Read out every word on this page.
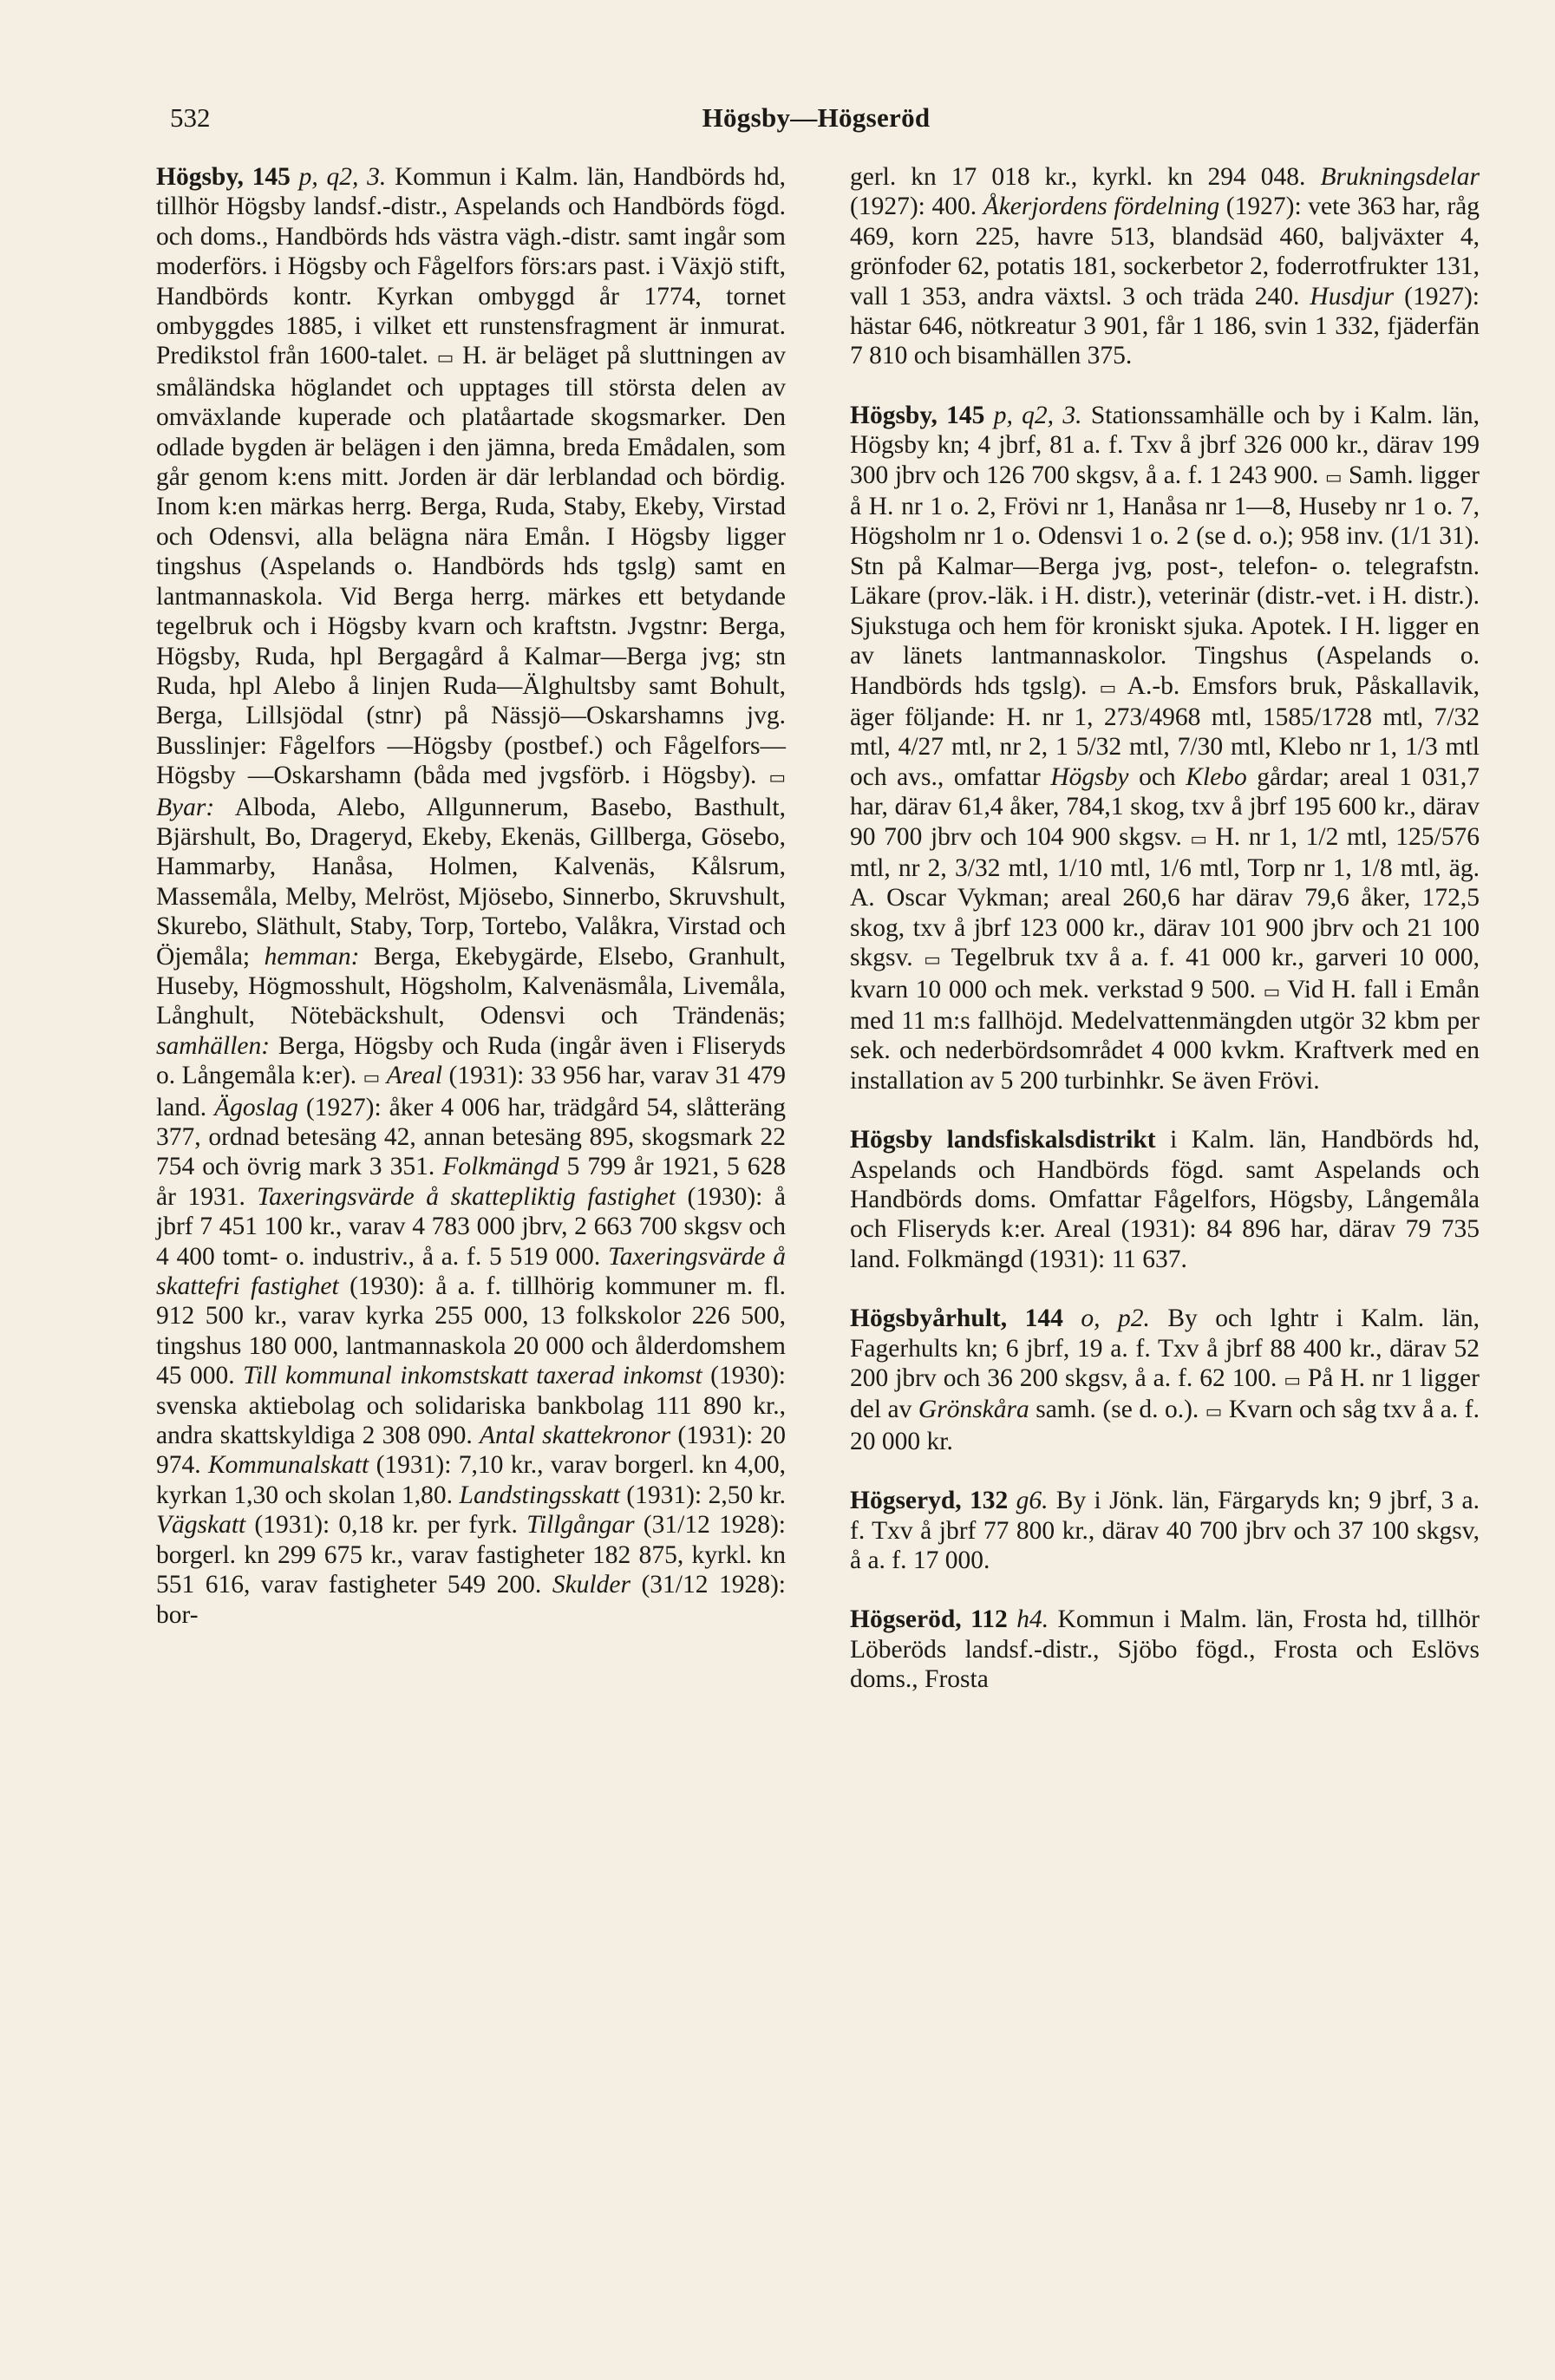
532	Högsby—Högseröd

Högsby, 145 p, q2, 3. Kommun i Kalm. län, Handbörds hd, tillhör Högsby landsf.-distr., Aspelands och Handbörds fögd. och doms., Handbörds hds västra vägh.-distr. samt ingår som moderförs. i Högsby och Fågelfors förs:ars past. i Växjö stift, Handbörds kontr. Kyrkan ombyggd år 1774, tornet ombyggdes 1885, i vilket ett runstensfragment är inmurat. Predikstol från 1600-talet. ▭ H. är beläget på sluttningen av småländska höglandet och upptages till största delen av omväxlande kuperade och platåartade skogsmarker. Den odlade bygden är belägen i den jämna, breda Emådalen, som går genom k:ens mitt. Jorden är där lerblandad och bördig. Inom k:en märkas herrg. Berga, Ruda, Staby, Ekeby, Virstad och Odensvi, alla belägna nära Emån. I Högsby ligger tingshus (Aspelands o. Handbörds hds tgslg) samt en lantmannaskola. Vid Berga herrg. märkes ett betydande tegelbruk och i Högsby kvarn och kraftstn. Jvgstnr: Berga, Högsby, Ruda, hpl Bergagård å Kalmar—Berga jvg; stn Ruda, hpl Alebo å linjen Ruda—Älghultsby samt Bohult, Berga, Lillsjödal (stnr) på Nässjö—Oskarshamns jvg. Busslinjer: Fågelfors —Högsby (postbef.) och Fågelfors—Högsby —Oskarshamn (båda med jvgsförb. i Högsby). ▭ Byar: Alboda, Alebo, Allgunnerum, Basebo, Basthult, Bjärshult, Bo, Drageryd, Ekeby, Ekenäs, Gillberga, Gösebo, Hammarby, Hanåsa, Holmen, Kalvenäs, Kålsrum, Massemåla, Melby, Melröst, Mjösebo, Sinnerbo, Skruvshult, Skurebo, Släthult, Staby, Torp, Tortebo, Valåkra, Virstad och Öjemåla; hemman: Berga, Ekebygärde, Elsebo, Granhult, Huseby, Högmosshult, Högsholm, Kalvenäsmåla, Livemåla, Långhult, Nötebäckshult, Odensvi och Trändenäs; samhällen: Berga, Högsby och Ruda (ingår även i Fliseryds o. Långemåla k:er). ▭ Areal (1931): 33 956 har, varav 31 479 land. Ägoslag (1927): åker 4 006 har, trädgård 54, slåtteräng 377, ordnad betesäng 42, annan betesäng 895, skogsmark 22 754 och övrig mark 3 351. Folkmängd 5 799 år 1921, 5 628 år 1931. Taxeringsvärde å skattepliktig fastighet (1930): å jbrf 7 451 100 kr., varav 4 783 000 jbrv, 2 663 700 skgsv och 4 400 tomt- o. industriv., å a. f. 5 519 000. Taxeringsvärde å skattefri fastighet (1930): å a. f. tillhörig kommuner m. fl. 912 500 kr., varav kyrka 255 000, 13 folkskolor 226 500, tingshus 180 000, lantmannaskola 20 000 och ålderdomshem 45 000. Till kommunal inkomstskatt taxerad inkomst (1930): svenska aktiebolag och solidariska bankbolag 111 890 kr., andra skattskyldiga 2 308 090. Antal skattekronor (1931): 20 974. Kommunalskatt (1931): 7,10 kr., varav borgerl. kn 4,00, kyrkan 1,30 och skolan 1,80. Landstingsskatt (1931): 2,50 kr. Vägskatt (1931): 0,18 kr. per fyrk. Tillgångar (31/12 1928): borgerl. kn 299 675 kr., varav fastigheter 182 875, kyrkl. kn 551 616, varav fastigheter 549 200. Skulder (31/12 1928): bor-

gerl. kn 17 018 kr., kyrkl. kn 294 048. Brukningsdelar (1927): 400. Åkerjordens fördelning (1927): vete 363 har, råg 469, korn 225, havre 513, blandsäd 460, baljväxter 4, grönfoder 62, potatis 181, sockerbetor 2, foderrotfrukter 131, vall 1 353, andra växtsl. 3 och träda 240. Husdjur (1927): hästar 646, nötkreatur 3 901, får 1 186, svin 1 332, fjäderfän 7 810 och bisamhällen 375.

Högsby, 145 p, q2, 3. Stationssamhälle och by i Kalm. län, Högsby kn; 4 jbrf, 81 a. f. Txv å jbrf 326 000 kr., därav 199 300 jbrv och 126 700 skgsv, å a. f. 1 243 900. ▭ Samh. ligger å H. nr 1 o. 2, Frövi nr 1, Hanåsa nr 1—8, Huseby nr 1 o. 7, Högsholm nr 1 o. Odensvi 1 o. 2 (se d. o.); 958 inv. (1/1 31). Stn på Kalmar—Berga jvg, post-, telefon- o. telegrafstn. Läkare (prov.-läk. i H. distr.), veterinär (distr.-vet. i H. distr.). Sjukstuga och hem för kroniskt sjuka. Apotek. I H. ligger en av länets lantmannaskolor. Tingshus (Aspelands o. Handbörds hds tgslg). ▭ A.-b. Emsfors bruk, Påskallavik, äger följande: H. nr 1, 273/4968 mtl, 1585/1728 mtl, 7/32 mtl, 4/27 mtl, nr 2, 1 5/32 mtl, 7/30 mtl, Klebo nr 1, 1/3 mtl och avs., omfattar Högsby och Klebo gårdar; areal 1 031,7 har, därav 61,4 åker, 784,1 skog, txv å jbrf 195 600 kr., därav 90 700 jbrv och 104 900 skgsv. ▭ H. nr 1, 1/2 mtl, 125/576 mtl, nr 2, 3/32 mtl, 1/10 mtl, 1/6 mtl, Torp nr 1, 1/8 mtl, äg. A. Oscar Vykman; areal 260,6 har därav 79,6 åker, 172,5 skog, txv å jbrf 123 000 kr., därav 101 900 jbrv och 21 100 skgsv. ▭ Tegelbruk txv å a. f. 41 000 kr., garveri 10 000, kvarn 10 000 och mek. verkstad 9 500. ▭ Vid H. fall i Emån med 11 m:s fallhöjd. Medelvattenmängden utgör 32 kbm per sek. och nederbördsområdet 4 000 kvkm. Kraftverk med en installation av 5 200 turbinhkr. Se även Frövi.

Högsby landsfiskalsdistrikt i Kalm. län, Handbörds hd, Aspelands och Handbörds fögd. samt Aspelands och Handbörds doms. Omfattar Fågelfors, Högsby, Långemåla och Fliseryds k:er. Areal (1931): 84 896 har, därav 79 735 land. Folkmängd (1931): 11 637.

Högsbyårhult, 144 o, p2. By och lghtr i Kalm. län, Fagerhults kn; 6 jbrf, 19 a. f. Txv å jbrf 88 400 kr., därav 52 200 jbrv och 36 200 skgsv, å a. f. 62 100. ▭ På H. nr 1 ligger del av Grönskåra samh. (se d. o.). ▭ Kvarn och såg txv å a. f. 20 000 kr.

Högseryd, 132 g6. By i Jönk. län, Färgaryds kn; 9 jbrf, 3 a. f. Txv å jbrf 77 800 kr., därav 40 700 jbrv och 37 100 skgsv, å a. f. 17 000.

Högseröd, 112 h4. Kommun i Malm. län, Frosta hd, tillhör Löberöds landsf.-distr., Sjöbo fögd., Frosta och Eslövs doms., Frosta
